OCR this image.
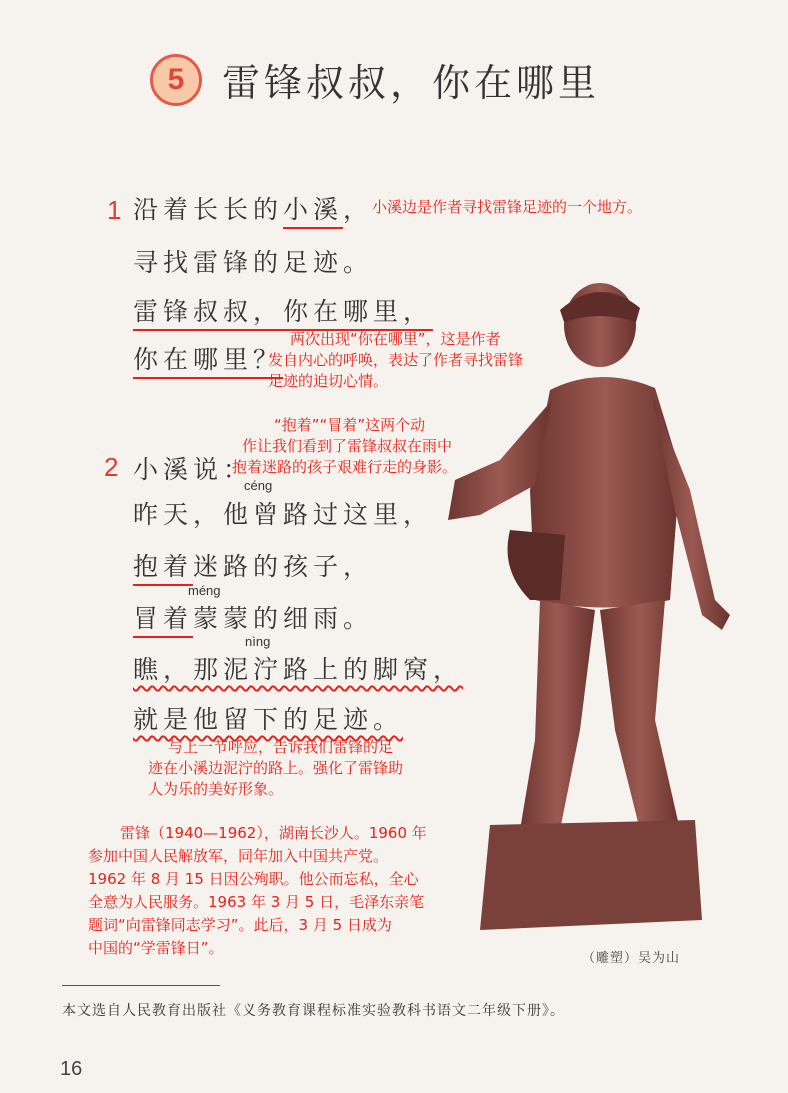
5 雷锋叔叔，你在哪里
1 沿着长长的小溪，
小溪边是作者寻找雷锋足迹的一个地方。
寻找雷锋的足迹。
雷锋叔叔，你在哪里，
你在哪里？
两次出现“你在哪里”，这是作者
发自内心的呼唤，表达了作者寻找雷锋
足迹的迫切心情。
“抱着”“冒着”这两个动
作让我们看到了雷锋叔叔在雨中
抱着迷路的孩子艰难行走的身影。
2 小溪说：
céng
昨天，他曾路过这里，
抱着迷路的孩子，
méng
冒着蒙蒙的细雨。
nìng
瞧，那泥泞路上的脚窝，
就是他留下的足迹。
与上一节呼应，告诉我们雷锋的足
迹在小溪边泥泞的路上。强化了雷锋助
人为乐的美好形象。
雷锋（1940—1962），湖南长沙人。1960 年
参加中国人民解放军，同年加入中国共产党。
1962 年 8 月 15 日因公殉职。他公而忘私，全心
全意为人民服务。1963 年 3 月 5 日，毛泽东亲笔
题词“向雷锋同志学习”。此后，3 月 5 日成为
中国的“学雷锋日”。
（雕塑）吴为山
本文选自人民教育出版社《义务教育课程标准实验教科书语文二年级下册》。
16
